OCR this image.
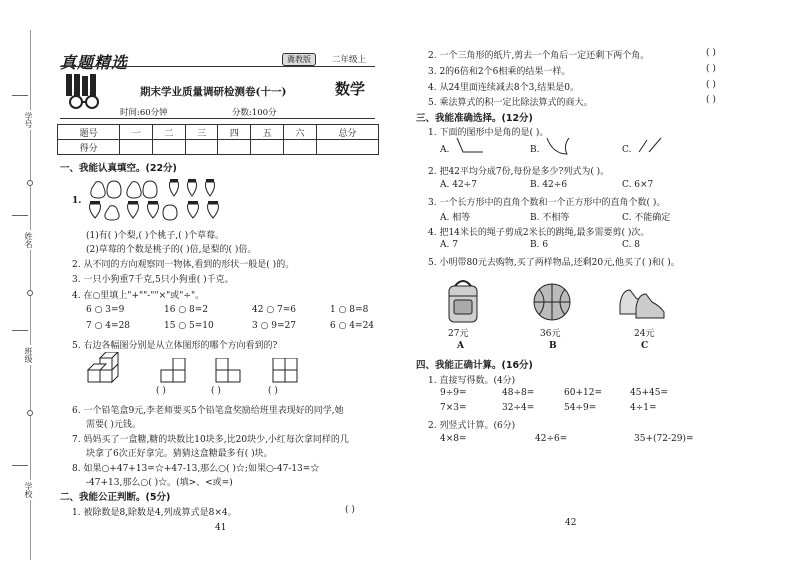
学号
姓名
班级
学校
真题精选	冀教版	二年级上
期末学业质量调研检测卷(十一)	数学
时间:60分钟	分数:100分
题号	一	二	三	四	五	六	总分
得分							
一、我能认真填空。(22分)
1.
(1)有( )个梨,( )个桃子,( )个草莓。
(2)草莓的个数是桃子的( )倍,是梨的( )倍。
2. 从不同的方向观察同一物体,看到的形状一般是( )的。
3. 一只小狗重7千克,5只小狗重( )千克。
4. 在○里填上"+""-""×"或"÷"。
6 ○ 3=9	16 ○ 8=2	42 ○ 7=6	1 ○ 8=8
7 ○ 4=28	15 ○ 5=10	3 ○ 9=27	6 ○ 4=24
5. 右边各幅图分别是从立体图形的哪个方向看到的?
( )	( )	( )
6. 一个铅笔盒9元,李老师要买5个铅笔盒奖励给班里表现好的同学,她
需要( )元钱。
7. 妈妈买了一盒糖,糖的块数比10块多,比20块少,小红每次拿同样的几
块拿了6次正好拿完。猜猜这盒糖最多有( )块。
8. 如果○+47+13=☆+47-13,那么○( )☆;如果○-47-13=☆
-47+13,那么○( )☆。(填>、<或=)
二、我能公正判断。(5分)
1. 被除数是8,除数是4,列成算式是8×4。	( )
41
2. 一个三角形的纸片,剪去一个角后一定还剩下两个角。	( )
3. 2的6倍和2个6相乘的结果一样。	( )
4. 从24里面连续减去8个3,结果是0。	( )
5. 乘法算式的积一定比除法算式的商大。	( )
三、我能准确选择。(12分)
1. 下面的图形中是角的是( )。
A.	B.	C.
2. 把42平均分成7份,每份是多少?列式为( )。
A. 42÷7	B. 42÷6	C. 6×7
3. 一个长方形中的直角个数和一个正方形中的直角个数( )。
A. 相等	B. 不相等	C. 不能确定
4. 把14米长的绳子剪成2米长的跳绳,最多需要剪( )次。
A. 7	B. 6	C. 8
5. 小明带80元去购物,买了两样物品,还剩20元,他买了( )和( )。
27元	36元	24元
A	B	C
四、我能正确计算。(16分)
1. 直接写得数。(4分)
9÷9=	48÷8=	60+12=	45+45=
7×3=	32÷4=	54÷9=	4÷1=
2. 列竖式计算。(6分)
4×8=	42÷6=	35+(72-29)=
42
